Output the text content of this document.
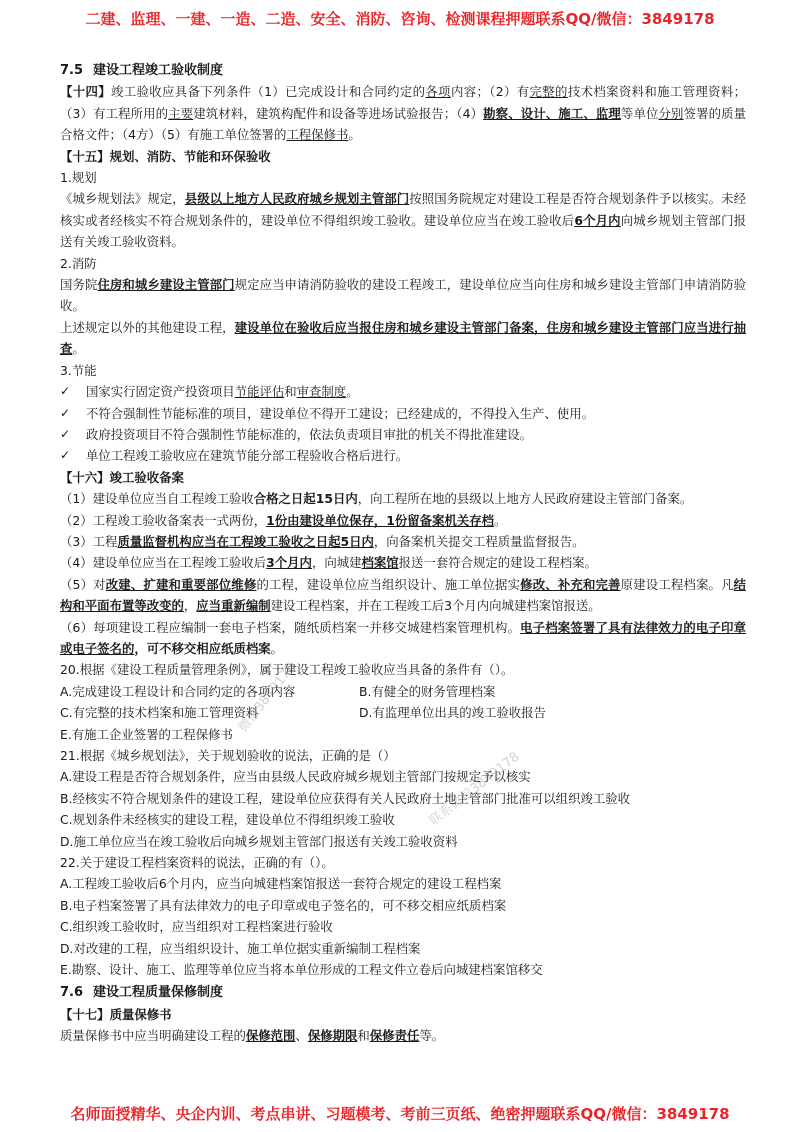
二建、监理、一建、一造、二造、安全、消防、咨询、检测课程押题联系QQ/微信：3849178

7.5 建设工程竣工验收制度

【十四】竣工验收应具备下列条件（1）已完成设计和合同约定的各项内容；（2）有完整的技术档案资料和施工管理资料；（3）有工程所用的主要建筑材料，建筑构配件和设备等进场试验报告；（4）勘察、设计、施工、监理等单位分别签署的质量合格文件；（4方）（5）有施工单位签署的工程保修书。

【十五】规划、消防、节能和环保验收

1.规划

《城乡规划法》规定，县级以上地方人民政府城乡规划主管部门按照国务院规定对建设工程是否符合规划条件予以核实。未经核实或者经核实不符合规划条件的，建设单位不得组织竣工验收。建设单位应当在竣工验收后6个月内向城乡规划主管部门报送有关竣工验收资料。

2.消防

国务院住房和城乡建设主管部门规定应当申请消防验收的建设工程竣工，建设单位应当向住房和城乡建设主管部门申请消防验收。

上述规定以外的其他建设工程，建设单位在验收后应当报住房和城乡建设主管部门备案，住房和城乡建设主管部门应当进行抽查。

3.节能

✓	国家实行固定资产投资项目节能评估和审查制度。

✓	不符合强制性节能标准的项目，建设单位不得开工建设；已经建成的，不得投入生产、使用。

✓	政府投资项目不符合强制性节能标准的，依法负责项目审批的机关不得批准建设。

✓	单位工程竣工验收应在建筑节能分部工程验收合格后进行。

【十六】竣工验收备案

（1）建设单位应当自工程竣工验收合格之日起15日内，向工程所在地的县级以上地方人民政府建设主管部门备案。

（2）工程竣工验收备案表一式两份，1份由建设单位保存，1份留备案机关存档。

（3）工程质量监督机构应当在工程竣工验收之日起5日内，向备案机关提交工程质量监督报告。

（4）建设单位应当在工程竣工验收后3个月内，向城建档案馆报送一套符合规定的建设工程档案。

（5）对改建、扩建和重要部位维修的工程，建设单位应当组织设计、施工单位据实修改、补充和完善原建设工程档案。凡结构和平面布置等改变的，应当重新编制建设工程档案，并在工程竣工后3个月内向城建档案馆报送。

（6）每项建设工程应编制一套电子档案，随纸质档案一并移交城建档案管理机构。电子档案签署了具有法律效力的电子印章或电子签名的，可不移交相应纸质档案。

20.根据《建设工程质量管理条例》，属于建设工程竣工验收应当具备的条件有（）。

A.完成建设工程设计和合同约定的各项内容	B.有健全的财务管理档案

C.有完整的技术档案和施工管理资料	D.有监理单位出具的竣工验收报告

E.有施工企业签署的工程保修书

21.根据《城乡规划法》，关于规划验收的说法，正确的是（）

A.建设工程是否符合规划条件，应当由县级人民政府城乡规划主管部门按规定予以核实

B.经核实不符合规划条件的建设工程，建设单位应获得有关人民政府土地主管部门批准可以组织竣工验收

C.规划条件未经核实的建设工程，建设单位不得组织竣工验收

D.施工单位应当在竣工验收后向城乡规划主管部门报送有关竣工验收资料

22.关于建设工程档案资料的说法，正确的有（）。

A.工程竣工验收后6个月内，应当向城建档案馆报送一套符合规定的建设工程档案

B.电子档案签署了具有法律效力的电子印章或电子签名的，可不移交相应纸质档案

C.组织竣工验收时，应当组织对工程档案进行验收

D.对改建的工程，应当组织设计、施工单位据实重新编制工程档案

E.勘察、设计、施工、监理等单位应当将本单位形成的工程文件立卷后向城建档案馆移交

7.6 建设工程质量保修制度

【十七】质量保修书

质量保修书中应当明确建设工程的保修范围、保修期限和保修责任等。

微信3849178
联系微信3849178
名师面授精华、央企内训、考点串讲、习题模考、考前三页纸、绝密押题联系QQ/微信：3849178
